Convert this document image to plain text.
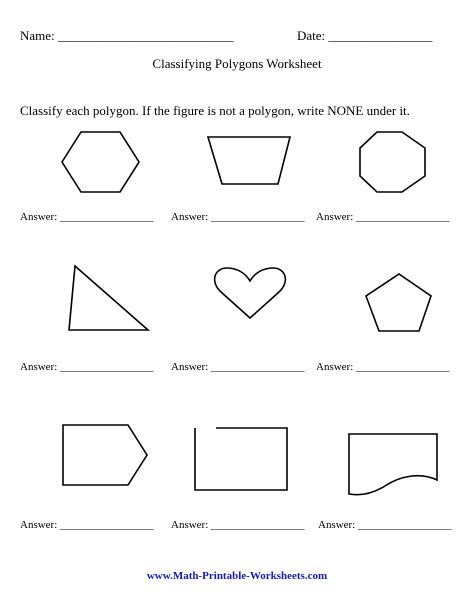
Name: ___________________________	Date: ________________
Classifying Polygons Worksheet
Classify each polygon. If the figure is not a polygon, write NONE under it.
Answer: _________________ Answer: _________________ Answer: _________________
Answer: _________________ Answer: _________________ Answer: _________________
Answer: _________________ Answer: _________________ Answer: _________________
www.Math-Printable-Worksheets.com
